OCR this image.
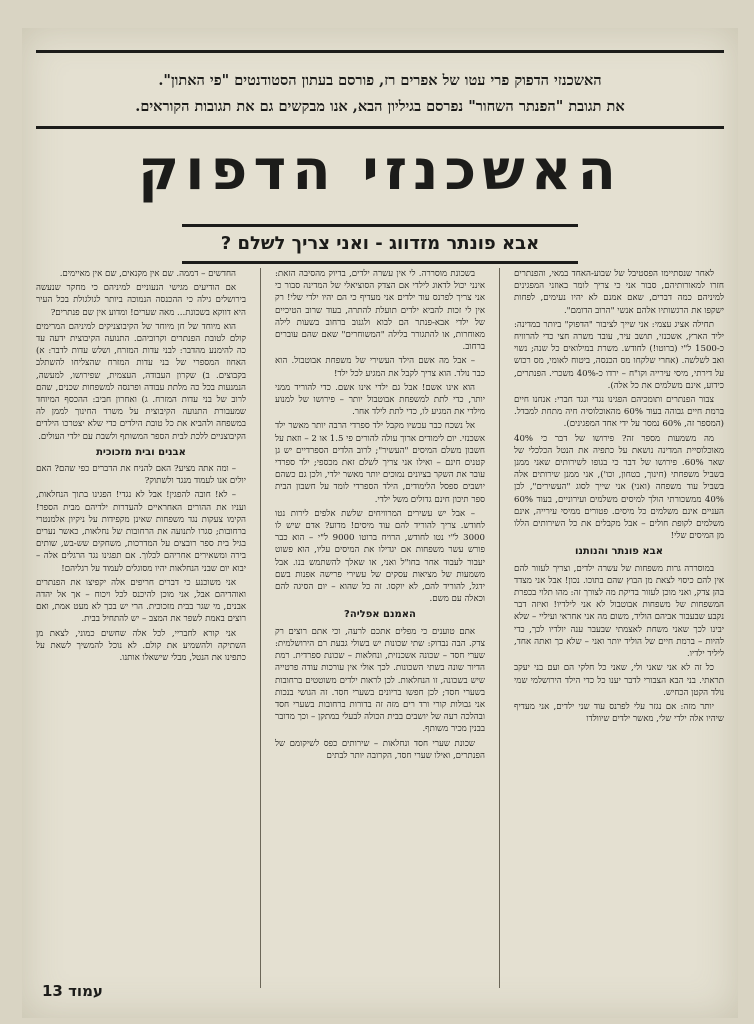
האשכנזי הדפוק פרי עטו של אפרים רז, פורסם בעתון הסטודנטים "פי האתון".
את תגובת "הפנתר השחור" נפרסם בגיליון הבא, אנו מבקשים גם את תגובות הקוראים.
האשכנזי הדפוק
אבא פונתר מזדווג - ואני צריך לשלם ?

לאחר שנסתיימו הפסטיבל של שבוע-האחד במאי, והפנתרים חזרו למאורותיהם, סבור אני כי צריך לומר באוזני המפגינים למיניהם כמה דברים, שאם אמנם לא יהיו נעימים, לפחות ישקפו את הרגשותיו אלהם אנשי "הרוב הדומם".

תחילה אציג עצמי: אני שייך לציבור "הדפוק" ביותר במדינה: יליד הארץ, אשכנזי, תושב עיר, עובד משרה חצי כדי להרוויח כ-1500 ל"י (ברוטו!) לחודש. משרת במילואים כל שנה; נשוי ואב לשלשה. (אחרי שלקחו מס הכנסה, ביטוח לאומי, מס רכוש על דירתי, מיסי עירייה וקו"ח – ירדו כ-40% משכרי. הפנתרים, כידוע, אינם משלמים את כל אלה).

צבור הפנתרים ותומכיהם הפגינו נגדי ונגד חברי: אנחנו חיים ברמת חיים גבוהה בעוד 60% מהאוכלוסיה חיה מתחת למבדל. (המספר זה, 60% נמסר על ידי אחד המפגינים).

מה משמעות מספר זה? פירושו של דבר כי 40% מאוכלוסיית המדינה נושאת על כתפיה את הנטל הכלכלי של שאר 60%. פירושו של דבר כי בגופו לשירותים שאני ממנן בשביל משפחתי (חינוך, בטחון, וכו'), אני ממנן שירותים אלה בשביל עוד משפחה (ואני) אני שייך לסוג "העשירים", לכן 40% ממשכורתי הולך למיסים משלמים ועירוניים, בעוד 60% העניים אינם משלמים כל מיסים. פטורים ממיסי עירייה, אינם משלמים לקופת חולים – אבל מקבלים את כל השירותים הללו מן המיסים שלי!

אבא פונתר והנותנו

במוסררה גרות משפחות של עשרה ילדים, וצריך לעזור להם אין להם כיסוי לצאת מן הבוץ שהם בתוכו. נכון! אבל אני מצדד בהן צדק, ואני מוכן לעזור בדיקת מה לצורך זה: מהו תלוי בכפרת המשפחות של משפחות אבוטבול לא אני לילדיו! ואיזה דבר נקבע שבעבור אביהם הוליד, משום מה אני אחראי ועיליי – שלא יבינו לכך שאני משחת לאצמתי שבעבר ענה יולדיו לכך, כדי להיות – ברמת חיים של הוליד יותר ואני – שלא כך ואתה אחד, ליליד ילדיו.

כל זה לא אני שאני ולי, שאני כל חלקי הם ועם בני יעקב תראתי. בני הבא הצבורי לדבר יענו כל כדי הילד הירושלמי שמי נולד הקטן הכחיש.

יותר מזה: אם נגזר עלי לפרנס עוד שני ילדים, אני מעדיף שיהיו אלה ילדי שלי, מאשר ילדים שיוולדו

בשכונת מוסררה. לי אין עשרה ילדים, בדיוק מהסיבה הזאת: אינני יכול לדאוג לילדי אם הצדק הסוציאלי של המדינה סבור כי אני צריך לפרנס עוד ילדים אני מעדיף כי הם יהיו ילדי שלי! רק אין לי זכות להביא ילדים תועלת להתרה, בעוד שרוב הטיכיים של ילדי אבא-פנתר הם לבוא ולגנוב ברחוב בשעות לילה מאוחרות, או להתגורר בלילה "המשוחרים" שאם שהם עוברים ברחוב.

– אבל מה אשם הילד העשירי של משפחת אבוטבול. הוא כבר נולד. הוא צריך לקבל את המגיע לכל ילד!

הוא אינו אשם! אבל גם ילדי אינו אשם. כדי להוריד ממני יותר, כדי לתת למשפחת אבוטבול יותר – פירושו של למנוע מילדי את המגיע לו, כדי לתת לילד אחר.

אל נשכח כבר עכשיו מקבל ילד ספרדי הרבה יותר מאשר ילד אשכנזי. יום לימודים ארוך עולה להורים פי 1.5 או 2 – וזאת על חשבון משלם המיסים "העשיר"; לרוב הלדים הספרדיים יש גן קטנים חינם – ואילו אני צריך לשלם זאת מכספי; ילד ספרדי עובר את השקר בציונים נמוכים יותר מאשר ילדי, ולכן גם כשהם יושבים ספסל הלימודים, הילד הספרדי לומד על חשבון הבית ספר תיכון חינם גדולים משל ילדי.

– אבל יש עשירים המרוויחים שלשת אלפים לירות נטו לחודש. צריך להוריד להם עוד מיסים! מדוע? אדם שיש לו 3000 ל"י נטו לחודש, הרויח ברוטו 9000 ל"י – הוא כבר פורש עשר משפחות אם יגדילו את המיסים עליו, הוא פשוט יעבור לעבוד אחר בחו"ל ואני, או שאלך להשתמש בנו. אבל משמעות של מציאות עסקים של עשירי פרישה אפנות בשם ידגל, להוריד להם, לא יוקסו. זה כל שהוא – יום הסיגה להם וכאלה עם משם.

האמנם אפליה?

אתם טוענים כי מפלים אתכם לרעה, וכי אתם רוצים רק צדק. הבה נבדוק: שתי שכונות יש בשולי גבעת רם הירושלמית: שערי חסד – שכונה אשכנזית, ונחלאות – שכונת ספרדית. רמת הדיור שונה בשתי השכונות. לכך אולי אין עורכות עודה פרטייה שיש בשכונה, זו הנחלאות. לכן לראות ילדים משוטטים ברחובות בשערי חסד; לכן חפשו בריונים בשערי חסד. זה הגושי בנכות אני גבולות קורי ורד רים מזה זה בדורות ברחובות בשערי חסד ובהלכה רעה של יושבים בבית הכולה לבעלי במתקן – וכך מדובר בבנין מכיר משותף.

שכונת שערי חסד ונחלאות – שירותים כפס לשיקומם של הפנתרים, ואילו שערי חסד, הקרובה יותר לבתים

החדשים – דממה. שם אין מקנאים, שם אין מאיימים.

אם הודיעים מגישי הנעוניים למיניהם כי מחקר שנעשה בירושלים גילה כי ההכנסה הנמוכה ביותר לגולגולת בכל העיר היא דווקא בשכונת... מאה שערים! ומדוע אין שם פנתרים?

הוא מיוחד של חן מיוחד של הקיבוצניקים למיניהם המרימים קולם לטובת הפנתרים וקרוביהם. התנועה הקיבוצית ידעה עד כה להימנע מהדבר: לבני עדות המזרח, ושלש עדות לדבר: א) האחוז המספרי של בני עדות המזרח שהצליחו להשתלב בקבוצים. ב) שקרון העבודה, העצמית, שפירושו, למעשה, הנמנעות בכל כה מלתת עבודה ופרנסה למשפחות שכנים, שהם לרוב של בני עדות המזרח. ג) ואחרון חביב: ההכסף המיוחד שמעבורת התנועה הקיבוצית על משרד החינוך לממן לה במשפחה ולהביא את כל טובת הילדים כדי שלא יצטרכו הילדים הקיבוצניים ללכת לבית הספר המשותף ולשבת עם ילדי העולים.

אבנים ובית מזכוכית

– ומה אתה מציע? האם להניח את הדברים כפי שהם? האם יולים אנו לעמוד מנגד ולשתוק?

– לא! חובה להפגין! אבל לא נגדי! הפגינו בתוך הנחלאות, ועניו את ההורים האחראיים להעדרות ילדיהם מבית הספר! הקימו צעקות נגד משפחות שאינן מקפידות על ניקיון אלמנטרי ברחובות; סגרו לתנועה את הרחובות של נחלאות, כאשר נערים בגיל בית ספר רובצים על המדרכות, משחקים שש-בש, שותים בירה ומשאירים אחריהם לכלוך. אם תפגינו נגד הרגלים אלה – יבוא יום שבני הנחלאות יהיו מסוגלים לעמוד על רגליהם!

אני משוכנע כי דברים חריפים אלה יקפיצו את הפנתרים ואוהדיהם אבל, אני מוכן להיכנס לכל ויכוח – אך אל יהדה אבנים, מי שגר בבית מזכוכית. הרי יש בכך לא מעט אמת, ואם רוצים באמת לשפר את המצב – יש להתחיל בבית.

אני קורא לחבריי, לכל אלה שחשים כמוני, לצאת מן השתיקה ולהשמיע את קולם. לא נוכל להמשיך לשאת על כתפינו את הנטל, מבלי שישאלו אותנו.

עמוד 13
